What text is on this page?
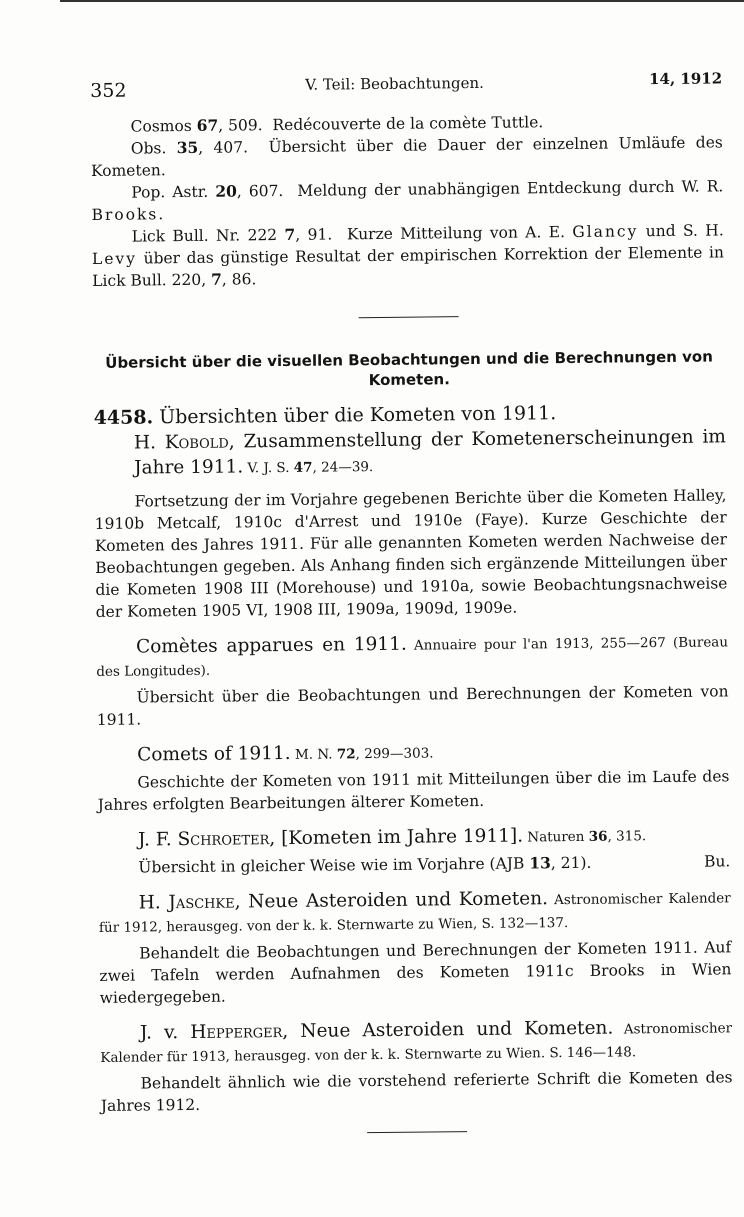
352	V. Teil: Beobachtungen.	14, 1912

Cosmos 67, 509. Redécouverte de la comète Tuttle.

Obs. 35, 407. Übersicht über die Dauer der einzelnen Umläufe des Kometen.

Pop. Astr. 20, 607. Meldung der unabhängigen Entdeckung durch W. R. Brooks.

Lick Bull. Nr. 222 7, 91. Kurze Mitteilung von A. E. Glancy und S. H. Levy über das günstige Resultat der empirischen Korrektion der Elemente in Lick Bull. 220, 7, 86.

Übersicht über die visuellen Beobachtungen und die Berechnungen von Kometen.
4458. Übersichten über die Kometen von 1911.

H. Kobold, Zusammenstellung der Kometenerscheinungen im Jahre 1911. V. J. S. 47, 24—39.

Fortsetzung der im Vorjahre gegebenen Berichte über die Kometen Halley, 1910b Metcalf, 1910c d'Arrest und 1910e (Faye). Kurze Geschichte der Kometen des Jahres 1911. Für alle genannten Kometen werden Nachweise der Beobachtungen gegeben. Als Anhang finden sich ergänzende Mitteilungen über die Kometen 1908 III (Morehouse) und 1910a, sowie Beobachtungsnachweise der Kometen 1905 VI, 1908 III, 1909a, 1909d, 1909e.

Comètes apparues en 1911. Annuaire pour l'an 1913, 255—267 (Bureau des Longitudes).

Übersicht über die Beobachtungen und Berechnungen der Kometen von 1911.

Comets of 1911. M. N. 72, 299—303.

Geschichte der Kometen von 1911 mit Mitteilungen über die im Laufe des Jahres erfolgten Bearbeitungen älterer Kometen.

J. F. Schroeter, [Kometen im Jahre 1911]. Naturen 36, 315.

Übersicht in gleicher Weise wie im Vorjahre (AJB 13, 21).	Bu.

H. Jaschke, Neue Asteroiden und Kometen. Astronomischer Kalender für 1912, herausgeg. von der k. k. Sternwarte zu Wien, S. 132—137.

Behandelt die Beobachtungen und Berechnungen der Kometen 1911. Auf zwei Tafeln werden Aufnahmen des Kometen 1911c Brooks in Wien wiedergegeben.

J. v. Hepperger, Neue Asteroiden und Kometen. Astronomischer Kalender für 1913, herausgeg. von der k. k. Sternwarte zu Wien. S. 146—148.

Behandelt ähnlich wie die vorstehend referierte Schrift die Kometen des Jahres 1912.
